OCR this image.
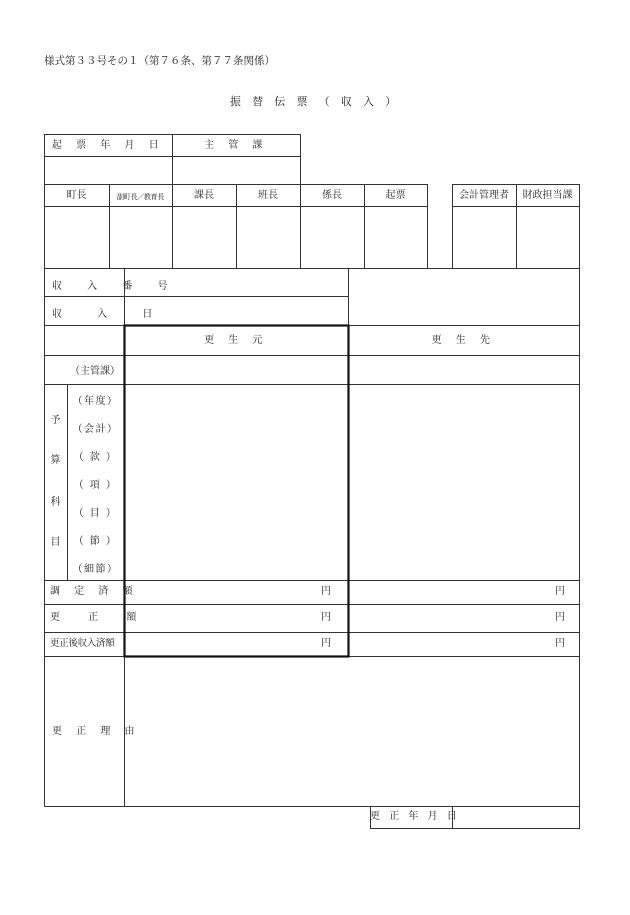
様式第３３号その１（第７６条、第７７条関係）
振 替 伝 票 （ 収 入 ）
起 票 年 月 日	主 管 課
町長	副町長／教育長	課長	班長	係長	起票	会計管理者	財政担当課
収 入 番 号
収 入 日
更 生 元	更 生 先
（主管課）
予
算
科
目
（年度）
（会計）
（ 款 ）
（ 項 ）
（ 目 ）
（ 節 ）
（細節）
調 定 済 額	円	円
更 正 額	円	円
更正後収入済額	円	円
更 正 理 由
更 正 年 月 日
